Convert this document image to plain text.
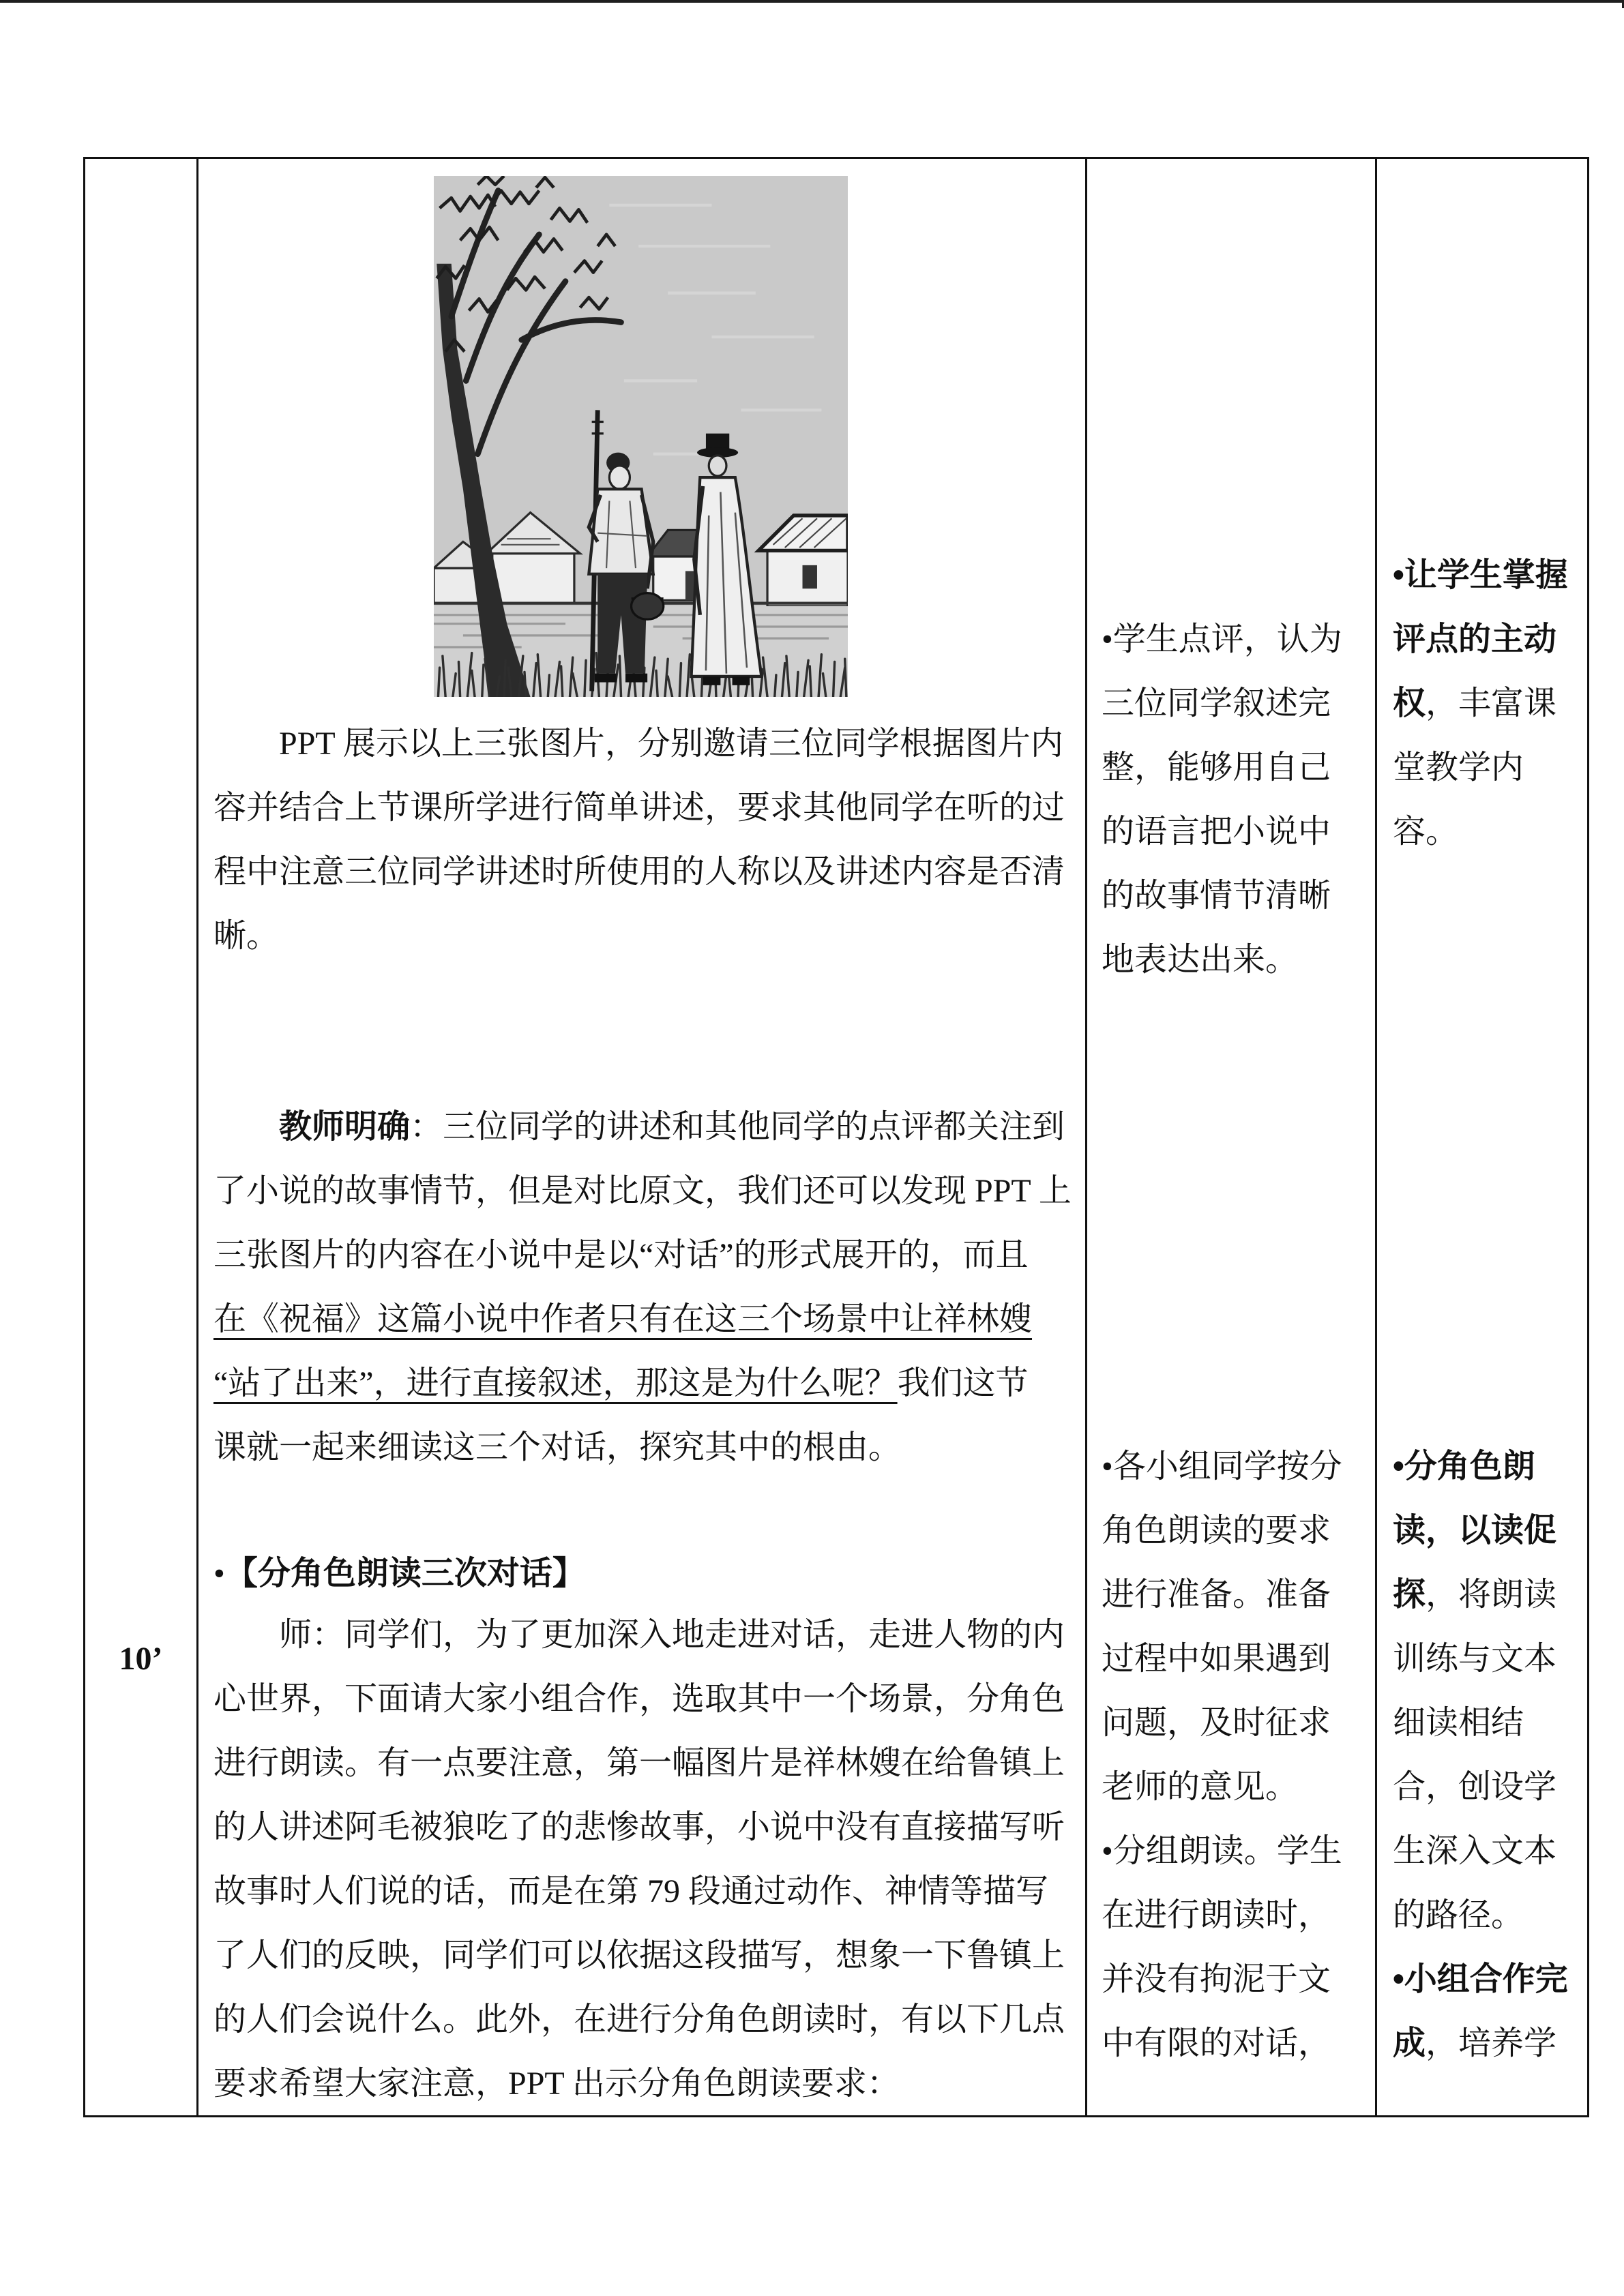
10’
PPT 展示以上三张图片，分别邀请三位同学根据图片内
容并结合上节课所学进行简单讲述，要求其他同学在听的过
程中注意三位同学讲述时所使用的人称以及讲述内容是否清
晰。
教师明确：三位同学的讲述和其他同学的点评都关注到
了小说的故事情节，但是对比原文，我们还可以发现 PPT 上
三张图片的内容在小说中是以“对话”的形式展开的，而且
在《祝福》这篇小说中作者只有在这三个场景中让祥林嫂
“站了出来”，进行直接叙述，那这是为什么呢？我们这节
课就一起来细读这三个对话，探究其中的根由。
•【分角色朗读三次对话】
师：同学们，为了更加深入地走进对话，走进人物的内
心世界，下面请大家小组合作，选取其中一个场景，分角色
进行朗读。有一点要注意，第一幅图片是祥林嫂在给鲁镇上
的人讲述阿毛被狼吃了的悲惨故事，小说中没有直接描写听
故事时人们说的话，而是在第 79 段通过动作、神情等描写
了人们的反映，同学们可以依据这段描写，想象一下鲁镇上
的人们会说什么。此外，在进行分角色朗读时，有以下几点
要求希望大家注意，PPT 出示分角色朗读要求：
•学生点评，认为
三位同学叙述完
整，能够用自己
的语言把小说中
的故事情节清晰
地表达出来。
•各小组同学按分
角色朗读的要求
进行准备。准备
过程中如果遇到
问题，及时征求
老师的意见。
•分组朗读。学生
在进行朗读时，
并没有拘泥于文
中有限的对话，
•让学生掌握
评点的主动
权，丰富课
堂教学内
容。
•分角色朗
读，以读促
探，将朗读
训练与文本
细读相结
合，创设学
生深入文本
的路径。
•小组合作完
成，培养学
